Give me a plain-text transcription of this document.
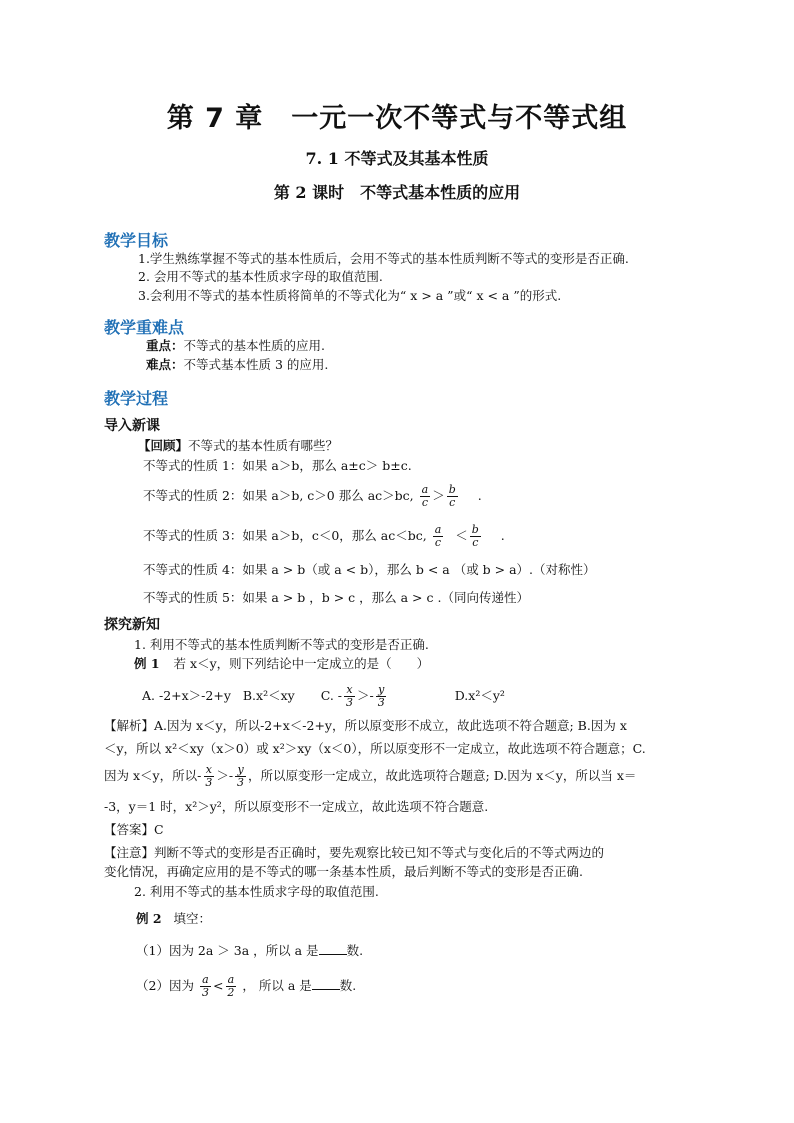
第 7 章　一元一次不等式与不等式组
7. 1 不等式及其基本性质
第 2 课时　不等式基本性质的应用
教学目标
1.学生熟练掌握不等式的基本性质后，会用不等式的基本性质判断不等式的变形是否正确.
2. 会用不等式的基本性质求字母的取值范围.
3.会利用不等式的基本性质将简单的不等式化为“ x > a ”或“ x < a ”的形式.
教学重难点
重点：不等式的基本性质的应用.
难点：不等式基本性质 3 的应用.
教学过程
导入新课
【回顾】不等式的基本性质有哪些？
不等式的性质 1：如果 a＞b，那么 a±c＞ b±c.
不等式的性质 2：如果 a＞b, c＞0 那么 ac＞bc, $\frac{a}{c} > \frac{b}{c}$ .
不等式的性质 3：如果 a＞b，c＜0，那么 ac＜bc, $\frac{a}{c} < \frac{b}{c}$ .
不等式的性质 4：如果 a > b（或 a < b），那么 b < a （或 b > a）.（对称性）
不等式的性质 5：如果 a > b ，b > c ，那么 a > c .（同向传递性）
探究新知
1. 利用不等式的基本性质判断不等式的变形是否正确.
例 1 若 x＜y，则下列结论中一定成立的是（　　）
A. -2+x＞-2+y B.x²＜xy C. - $\frac{x}{3} >- \frac{y}{3}$	D.x²＜y²
【解析】A.因为 x＜y，所以-2+x＜-2+y，所以原变形不成立，故此选项不符合题意; B.因为 x
＜y，所以 x²＜xy（x＞0）或 x²＞xy（x＜0），所以原变形不一定成立，故此选项不符合题意；C.
因为 x＜y，所以- $\frac{x}{3} >- \frac{y}{3}$ ，所以原变形一定成立，故此选项符合题意; D.因为 x＜y，所以当 x＝
-3，y＝1 时，x²＞y²，所以原变形不一定成立，故此选项不符合题意.
【答案】C
【注意】判断不等式的变形是否正确时，要先观察比较已知不等式与变化后的不等式两边的
变化情况，再确定应用的是不等式的哪一条基本性质，最后判断不等式的变形是否正确.
2. 利用不等式的基本性质求字母的取值范围.
例 2 填空：
（1）因为 2a ＞ 3a ，所以 a 是 数.
（2）因为 $\frac{a}{3} < \frac{a}{2}$ ， 所以 a 是 数.
